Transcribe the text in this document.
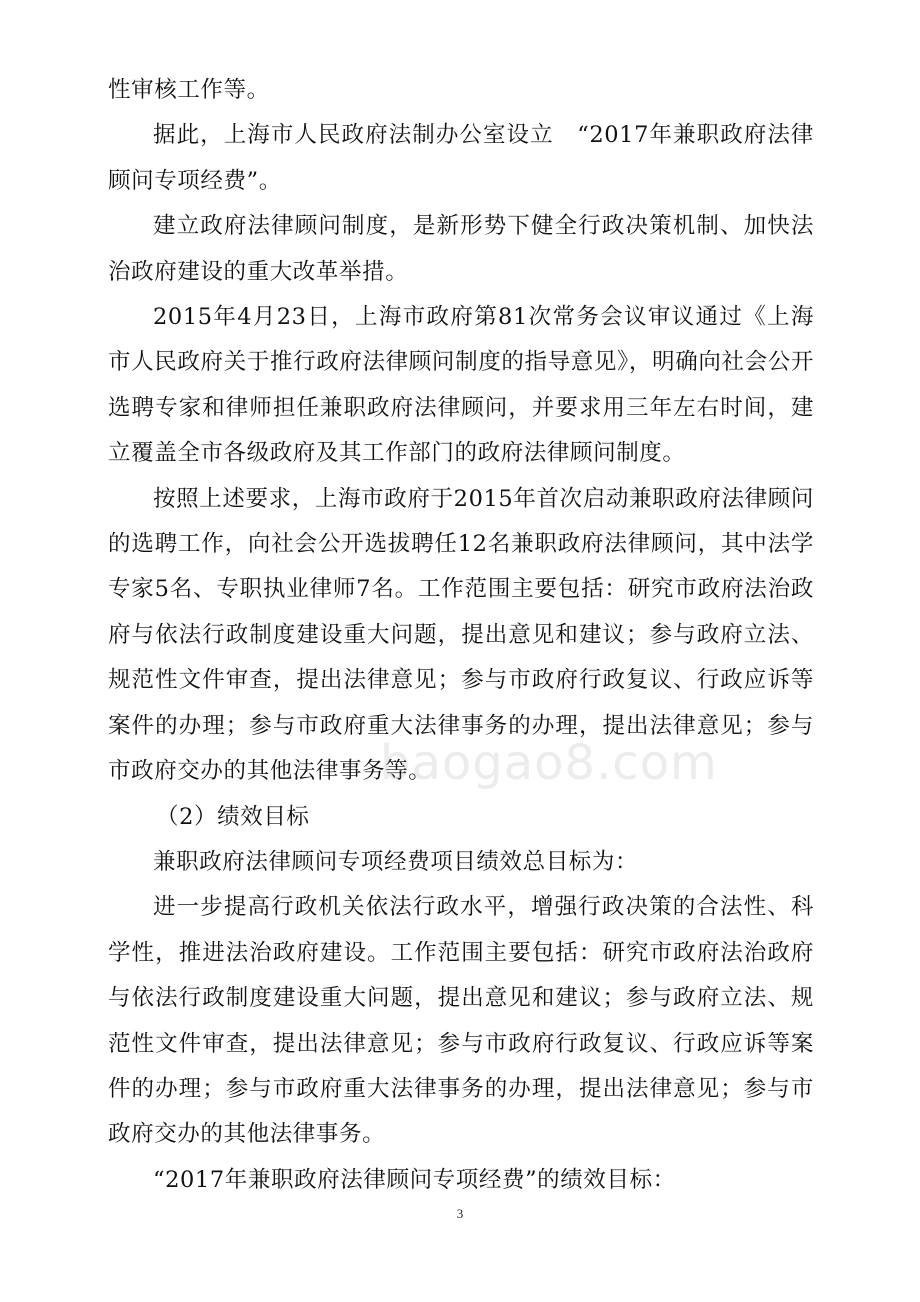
性审核工作等。

据此，上海市人民政府法制办公室设立　“2017年兼职政府法律顾问专项经费”。

建立政府法律顾问制度，是新形势下健全行政决策机制、加快法治政府建设的重大改革举措。

2015年4月23日，上海市政府第81次常务会议审议通过《上海市人民政府关于推行政府法律顾问制度的指导意见》，明确向社会公开选聘专家和律师担任兼职政府法律顾问，并要求用三年左右时间，建立覆盖全市各级政府及其工作部门的政府法律顾问制度。

按照上述要求，上海市政府于2015年首次启动兼职政府法律顾问的选聘工作，向社会公开选拔聘任12名兼职政府法律顾问，其中法学专家5名、专职执业律师7名。工作范围主要包括：研究市政府法治政府与依法行政制度建设重大问题，提出意见和建议；参与政府立法、规范性文件审查，提出法律意见；参与市政府行政复议、行政应诉等案件的办理；参与市政府重大法律事务的办理，提出法律意见；参与市政府交办的其他法律事务等。

（2）绩效目标

兼职政府法律顾问专项经费项目绩效总目标为：

进一步提高行政机关依法行政水平，增强行政决策的合法性、科学性，推进法治政府建设。工作范围主要包括：研究市政府法治政府与依法行政制度建设重大问题，提出意见和建议；参与政府立法、规范性文件审查，提出法律意见；参与市政府行政复议、行政应诉等案件的办理；参与市政府重大法律事务的办理，提出法律意见；参与市政府交办的其他法律事务。

“2017年兼职政府法律顾问专项经费”的绩效目标：

baogao8.com
3
